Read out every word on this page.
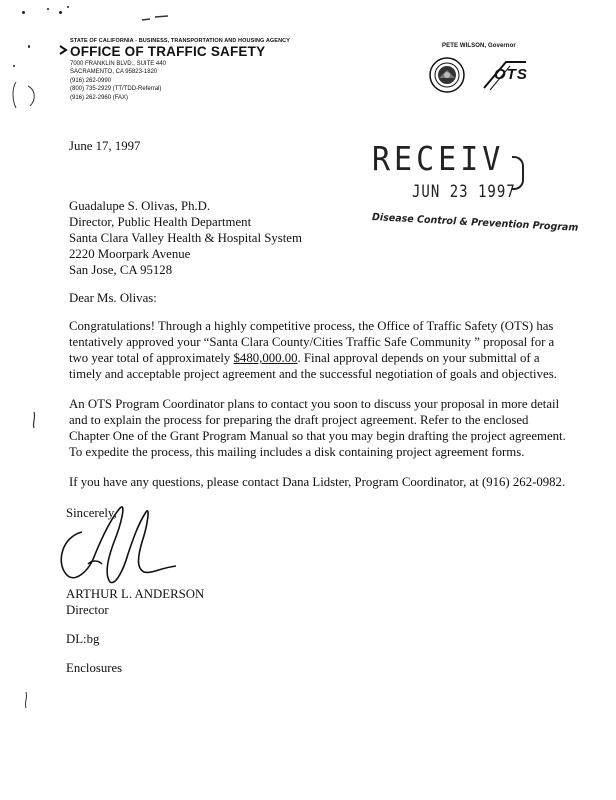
STATE OF CALIFORNIA - BUSINESS, TRANSPORTATION AND HOUSING AGENCY
OFFICE OF TRAFFIC SAFETY
7000 FRANKLIN BLVD., SUITE 440
SACRAMENTO, CA 95823-1820
(916) 262-0990
(800) 735-2929 (TT/TDD-Referral)
(916) 262-2960 (FAX)
PETE WILSON, Governor
OTS
June 17, 1997	RECEIV
JUN 23 1997
Disease Control & Prevention Program
Guadalupe S. Olivas, Ph.D.
Director, Public Health Department
Santa Clara Valley Health & Hospital System
2220 Moorpark Avenue
San Jose, CA 95128
Dear Ms. Olivas:
Congratulations! Through a highly competitive process, the Office of Traffic Safety (OTS) has
tentatively approved your “Santa Clara County/Cities Traffic Safe Community ” proposal for a
two year total of approximately $480,000.00. Final approval depends on your submittal of a
timely and acceptable project agreement and the successful negotiation of goals and objectives.
An OTS Program Coordinator plans to contact you soon to discuss your proposal in more detail
and to explain the process for preparing the draft project agreement. Refer to the enclosed
Chapter One of the Grant Program Manual so that you may begin drafting the project agreement.
To expedite the process, this mailing includes a disk containing project agreement forms.
If you have any questions, please contact Dana Lidster, Program Coordinator, at (916) 262-0982.
Sincerely,
ARTHUR L. ANDERSON
Director
DL:bg
Enclosures
